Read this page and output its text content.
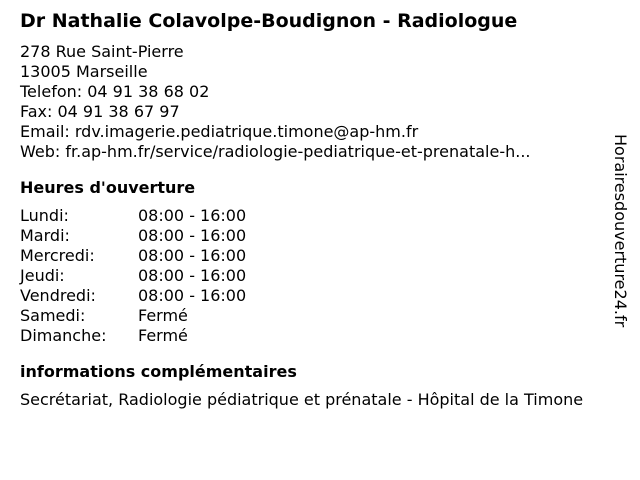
Dr Nathalie Colavolpe-Boudignon - Radiologue
278 Rue Saint-Pierre
13005 Marseille
Telefon: 04 91 38 68 02
Fax: 04 91 38 67 97
Email: rdv.imagerie.pediatrique.timone@ap-hm.fr
Web: fr.ap-hm.fr/service/radiologie-pediatrique-et-prenatale-h...
Heures d'ouverture
Lundi:	08:00 - 16:00
Mardi:	08:00 - 16:00
Mercredi:	08:00 - 16:00
Jeudi:	08:00 - 16:00
Vendredi:	08:00 - 16:00
Samedi:	Fermé
Dimanche:	Fermé
informations complémentaires
Secrétariat, Radiologie pédiatrique et prénatale - Hôpital de la Timone
Horairesdouverture24.fr
